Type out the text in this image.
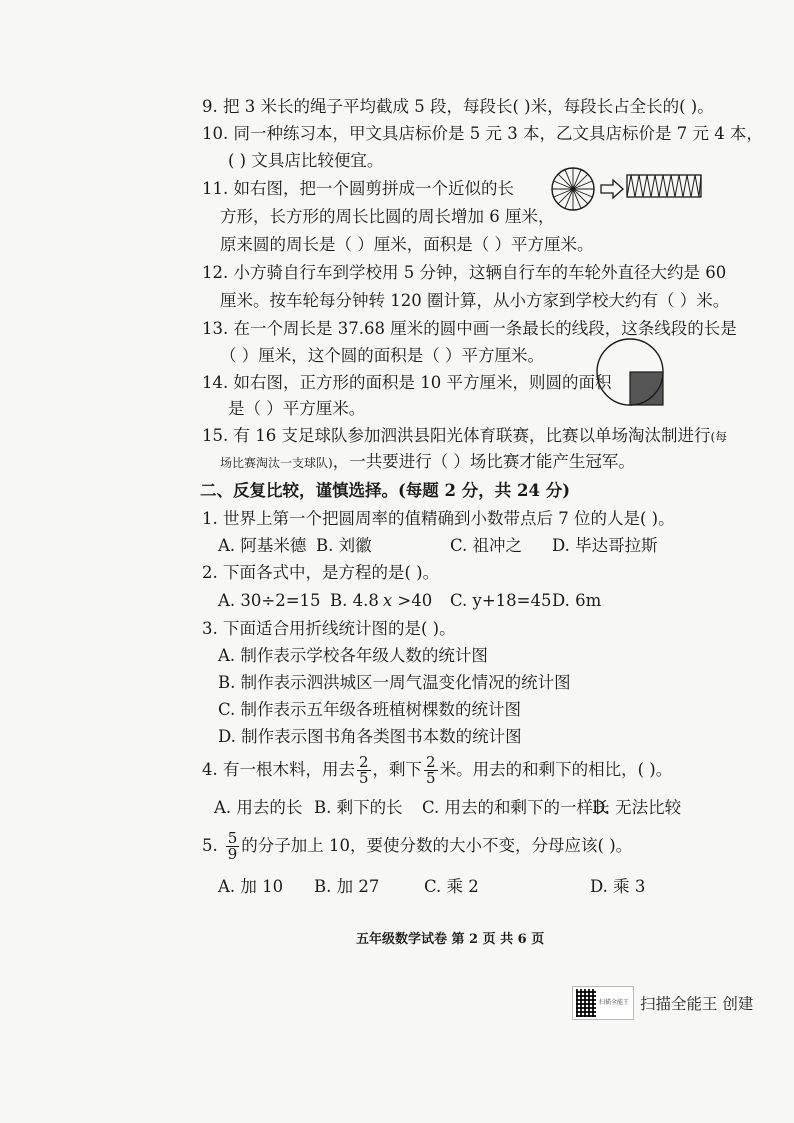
9. 把 3 米长的绳子平均截成 5 段，每段长( )米，每段长占全长的( )。
10. 同一种练习本，甲文具店标价是 5 元 3 本，乙文具店标价是 7 元 4 本，
( ) 文具店比较便宜。
11. 如右图，把一个圆剪拼成一个近似的长
方形，长方形的周长比圆的周长增加 6 厘米，
原来圆的周长是（ ）厘米，面积是（ ）平方厘米。
12. 小方骑自行车到学校用 5 分钟，这辆自行车的车轮外直径大约是 60
厘米。按车轮每分钟转 120 圈计算，从小方家到学校大约有（ ）米。
13. 在一个周长是 37.68 厘米的圆中画一条最长的线段，这条线段的长是
（ ）厘米，这个圆的面积是（ ）平方厘米。
14. 如右图，正方形的面积是 10 平方厘米，则圆的面积
是（ ）平方厘米。
15. 有 16 支足球队参加泗洪县阳光体育联赛，比赛以单场淘汰制进行(每
场比赛淘汰一支球队)，一共要进行（ ）场比赛才能产生冠军。
二、反复比较，谨慎选择。(每题 2 分，共 24 分)
1. 世界上第一个把圆周率的值精确到小数带点后 7 位的人是( )。
A. 阿基米德 B. 刘徽	C. 祖冲之 D. 毕达哥拉斯
2. 下面各式中，是方程的是( )。
A. 30÷2=15 B. 4.8 x >40 C. y+18=45 D. 6m
3. 下面适合用折线统计图的是( )。
A. 制作表示学校各年级人数的统计图
B. 制作表示泗洪城区一周气温变化情况的统计图
C. 制作表示五年级各班植树棵数的统计图
D. 制作表示图书角各类图书本数的统计图
4. 有一根木料，用去 $\frac{2}{5}$ ，剩下 $\frac{2}{5}$ 米。用去的和剩下的相比，( )。
A. 用去的长 B. 剩下的长 C. 用去的和剩下的一样长
D. 无法比较
5. $\frac{5}{9}$ 的分子加上 10，要使分数的大小不变，分母应该( )。
A. 加 10 B. 加 27	C. 乘 2	D. 乘 3
五年级数学试卷 第 2 页 共 6 页
扫描全能王 扫描全能王 创建
